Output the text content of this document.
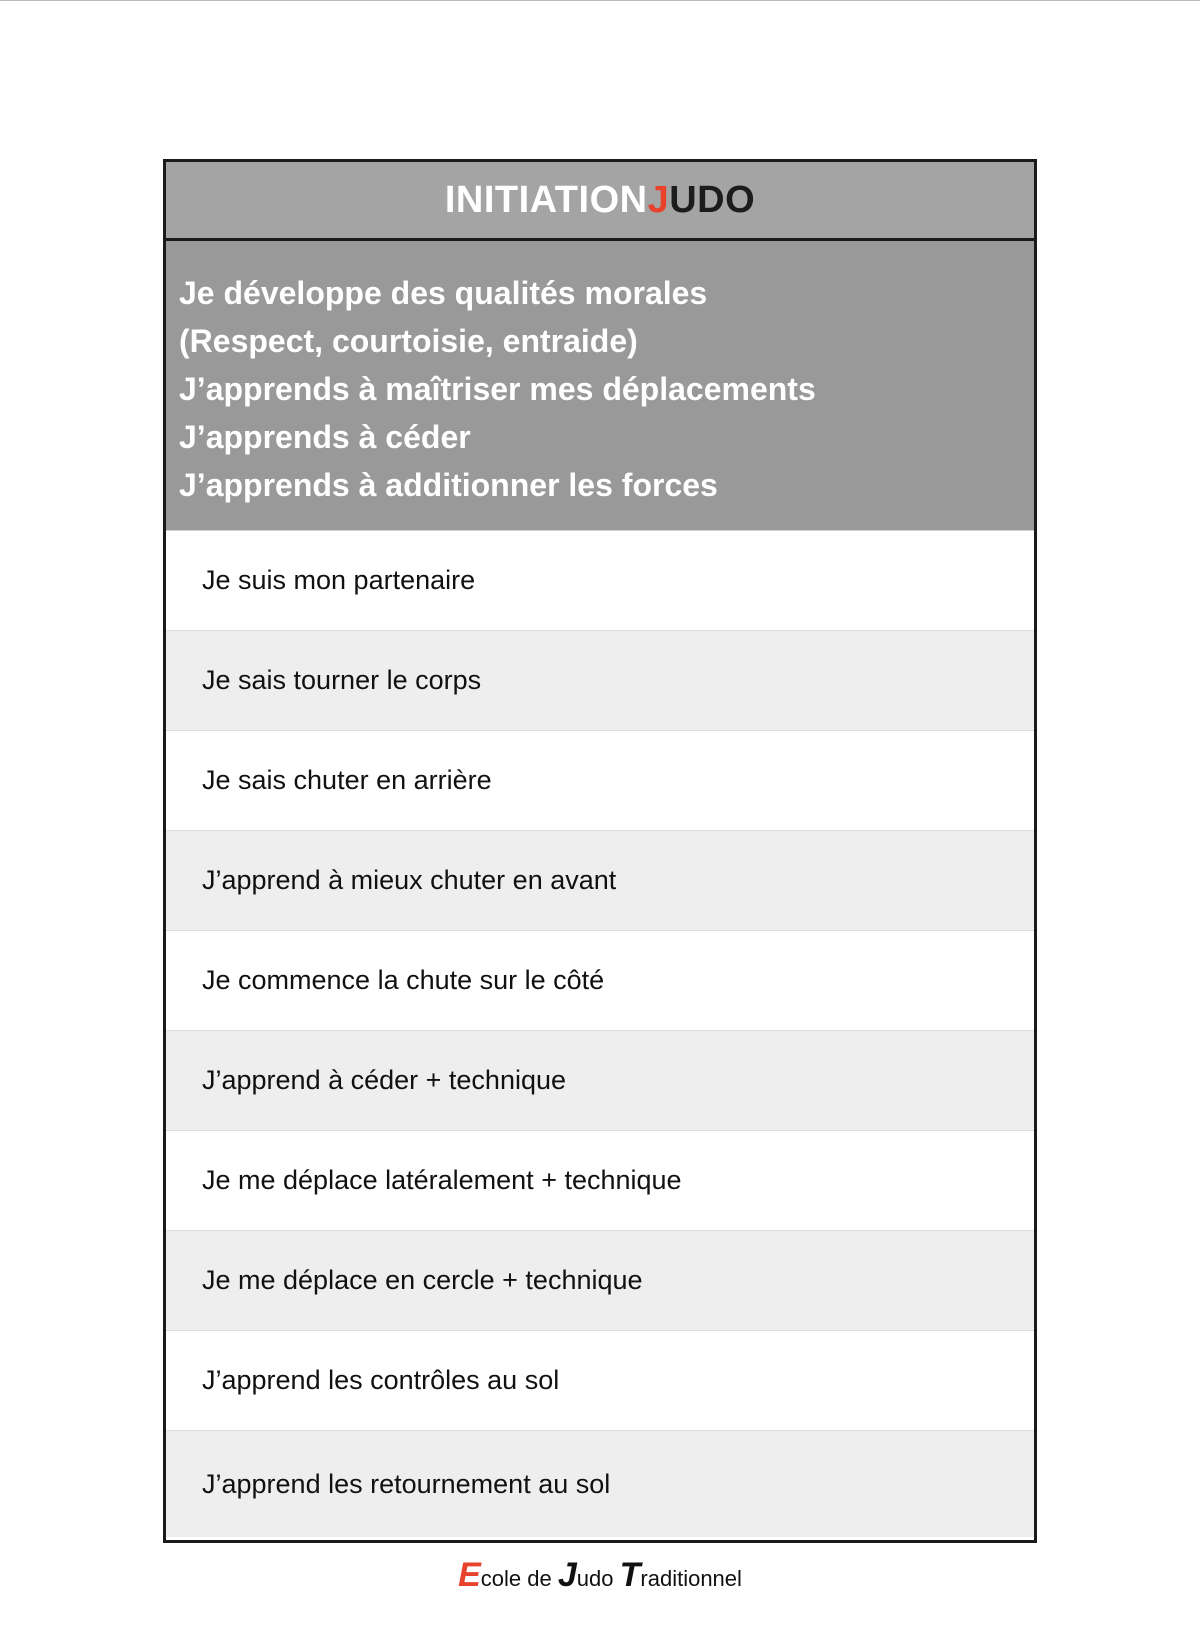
INITIATION J UDO
Je développe des qualités morales
(Respect, courtoisie, entraide)
J’apprends à maîtriser mes déplacements
J’apprends à céder
J’apprends à additionner les forces
Je suis mon partenaire
Je sais tourner le corps
Je sais chuter en arrière
J’apprend à mieux chuter en avant
Je commence la chute sur le côté
J’apprend à céder + technique
Je me déplace latéralement + technique
Je me déplace en cercle + technique
J’apprend les contrôles au sol
J’apprend les retournement au sol
Ecole de Judo Traditionnel
